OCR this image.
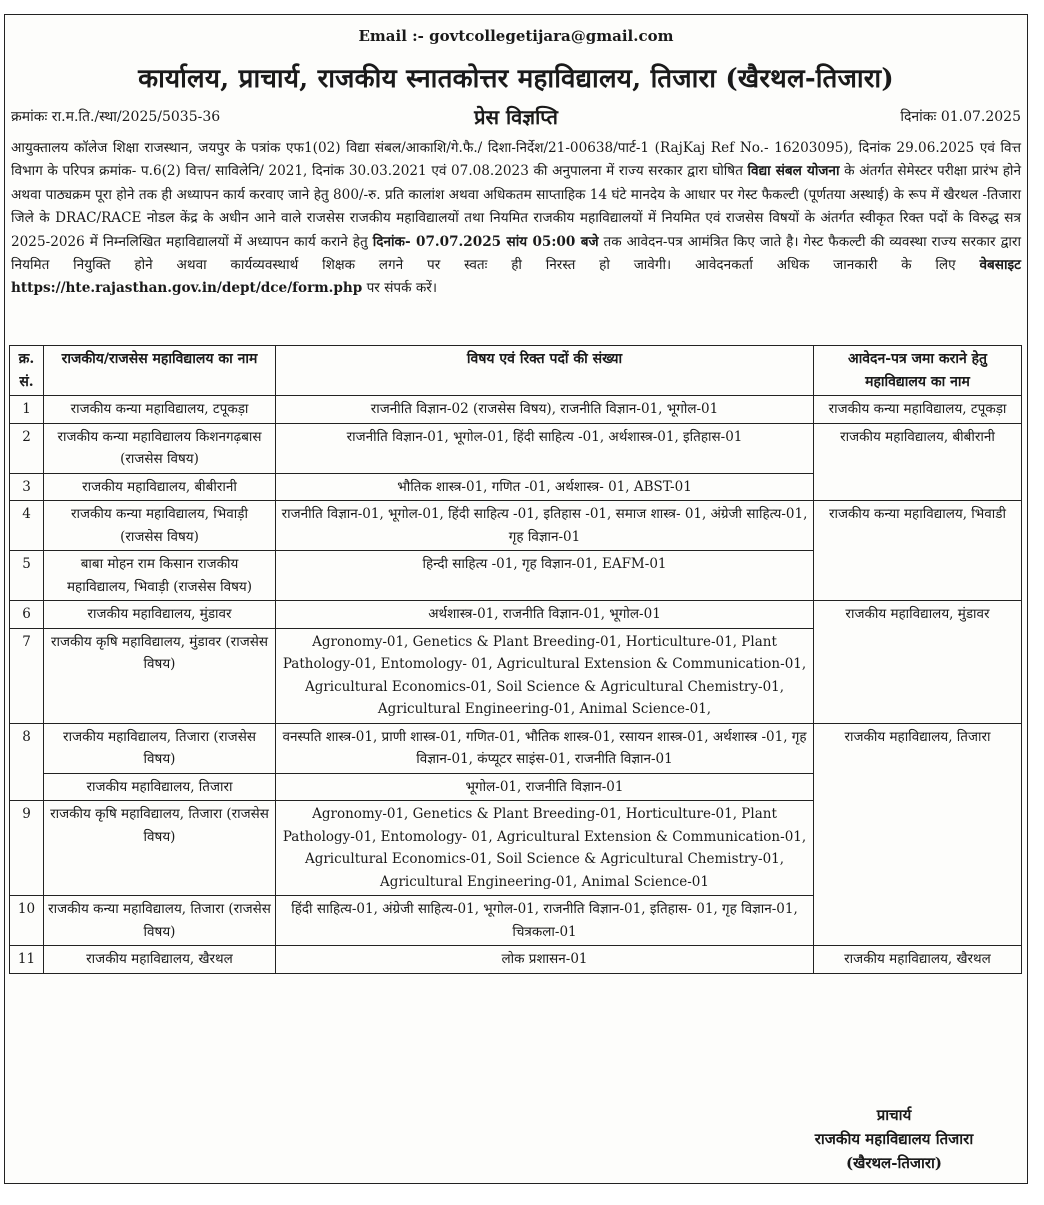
Email :- govtcollegetijara@gmail.com
कार्यालय, प्राचार्य, राजकीय स्नातकोत्तर महाविद्यालय, तिजारा (खैरथल-तिजारा)
क्रमांकः रा.म.ति./स्था/2025/5035-36	प्रेस विज्ञप्ति	दिनांकः 01.07.2025
आयुक्तालय कॉलेज शिक्षा राजस्थान, जयपुर के पत्रांक एफ1(02) विद्या संबल/आकाशि/गे.फै./ दिशा-निर्देश/21-00638/पार्ट-1 (RajKaj Ref No.- 16203095), दिनांक 29.06.2025 एवं वित्त विभाग के परिपत्र क्रमांक- प.6(2) वित्त/ साविलेनि/ 2021, दिनांक 30.03.2021 एवं 07.08.2023 की अनुपालना में राज्य सरकार द्वारा घोषित विद्या संबल योजना के अंतर्गत सेमेस्टर परीक्षा प्रारंभ होने अथवा पाठ्यक्रम पूरा होने तक ही अध्यापन कार्य करवाए जाने हेतु 800/-रु. प्रति कालांश अथवा अधिकतम साप्ताहिक 14 घंटे मानदेय के आधार पर गेस्ट फैकल्टी (पूर्णतया अस्थाई) के रूप में खैरथल -तिजारा जिले के DRAC/RACE नोडल केंद्र के अधीन आने वाले राजसेस राजकीय महाविद्यालयों तथा नियमित राजकीय महाविद्यालयों में नियमित एवं राजसेस विषयों के अंतर्गत स्वीकृत रिक्त पदों के विरुद्ध सत्र 2025-2026 में निम्नलिखित महाविद्यालयों में अध्यापन कार्य कराने हेतु दिनांक- 07.07.2025 सांय 05:00 बजे तक आवेदन-पत्र आमंत्रित किए जाते है। गेस्ट फैकल्टी की व्यवस्था राज्य सरकार द्वारा नियमित नियुक्ति होने अथवा कार्यव्यवस्थार्थ शिक्षक लगने पर स्वतः ही निरस्त हो जावेगी। आवेदनकर्ता अधिक जानकारी के लिए वेबसाइट https://hte.rajasthan.gov.in/dept/dce/form.php पर संपर्क करें।
क्र. सं.	राजकीय/राजसेस महाविद्यालय का नाम	विषय एवं रिक्त पदों की संख्या	आवेदन-पत्र जमा कराने हेतु महाविद्यालय का नाम
1	राजकीय कन्या महाविद्यालय, टपूकड़ा	राजनीति विज्ञान-02 (राजसेस विषय), राजनीति विज्ञान-01, भूगोल-01	राजकीय कन्या महाविद्यालय, टपूकड़ा
2	राजकीय कन्या महाविद्यालय किशनगढ़बास (राजसेस विषय)	राजनीति विज्ञान-01, भूगोल-01, हिंदी साहित्य -01, अर्थशास्त्र-01, इतिहास-01	राजकीय महाविद्यालय, बीबीरानी
3	राजकीय महाविद्यालय, बीबीरानी	भौतिक शास्त्र-01, गणित -01, अर्थशास्त्र- 01, ABST-01	
4	राजकीय कन्या महाविद्यालय, भिवाड़ी (राजसेस विषय)	राजनीति विज्ञान-01, भूगोल-01, हिंदी साहित्य -01, इतिहास -01, समाज शास्त्र- 01, अंग्रेजी साहित्य-01, गृह विज्ञान-01	राजकीय कन्या महाविद्यालय, भिवाडी
5	बाबा मोहन राम किसान राजकीय महाविद्यालय, भिवाड़ी (राजसेस विषय)	हिन्दी साहित्य -01, गृह विज्ञान-01, EAFM-01	
6	राजकीय महाविद्यालय, मुंडावर	अर्थशास्त्र-01, राजनीति विज्ञान-01, भूगोल-01	राजकीय महाविद्यालय, मुंडावर
7	राजकीय कृषि महाविद्यालय, मुंडावर (राजसेस विषय)	Agronomy-01, Genetics & Plant Breeding-01, Horticulture-01, Plant Pathology-01, Entomology- 01, Agricultural Extension & Communication-01, Agricultural Economics-01, Soil Science & Agricultural Chemistry-01, Agricultural Engineering-01, Animal Science-01,	
8	राजकीय महाविद्यालय, तिजारा (राजसेस विषय)	वनस्पति शास्त्र-01, प्राणी शास्त्र-01, गणित-01, भौतिक शास्त्र-01, रसायन शास्त्र-01, अर्थशास्त्र -01, गृह विज्ञान-01, कंप्यूटर साइंस-01, राजनीति विज्ञान-01	राजकीय महाविद्यालय, तिजारा
	राजकीय महाविद्यालय, तिजारा	भूगोल-01, राजनीति विज्ञान-01	
9	राजकीय कृषि महाविद्यालय, तिजारा (राजसेस विषय)	Agronomy-01, Genetics & Plant Breeding-01, Horticulture-01, Plant Pathology-01, Entomology- 01, Agricultural Extension & Communication-01, Agricultural Economics-01, Soil Science & Agricultural Chemistry-01, Agricultural Engineering-01, Animal Science-01	
10	राजकीय कन्या महाविद्यालय, तिजारा (राजसेस विषय)	हिंदी साहित्य-01, अंग्रेजी साहित्य-01, भूगोल-01, राजनीति विज्ञान-01, इतिहास- 01, गृह विज्ञान-01, चित्रकला-01	
11	राजकीय महाविद्यालय, खैरथल	लोक प्रशासन-01	राजकीय महाविद्यालय, खैरथल
प्राचार्य
राजकीय महाविद्यालय तिजारा
(खैरथल-तिजारा)
